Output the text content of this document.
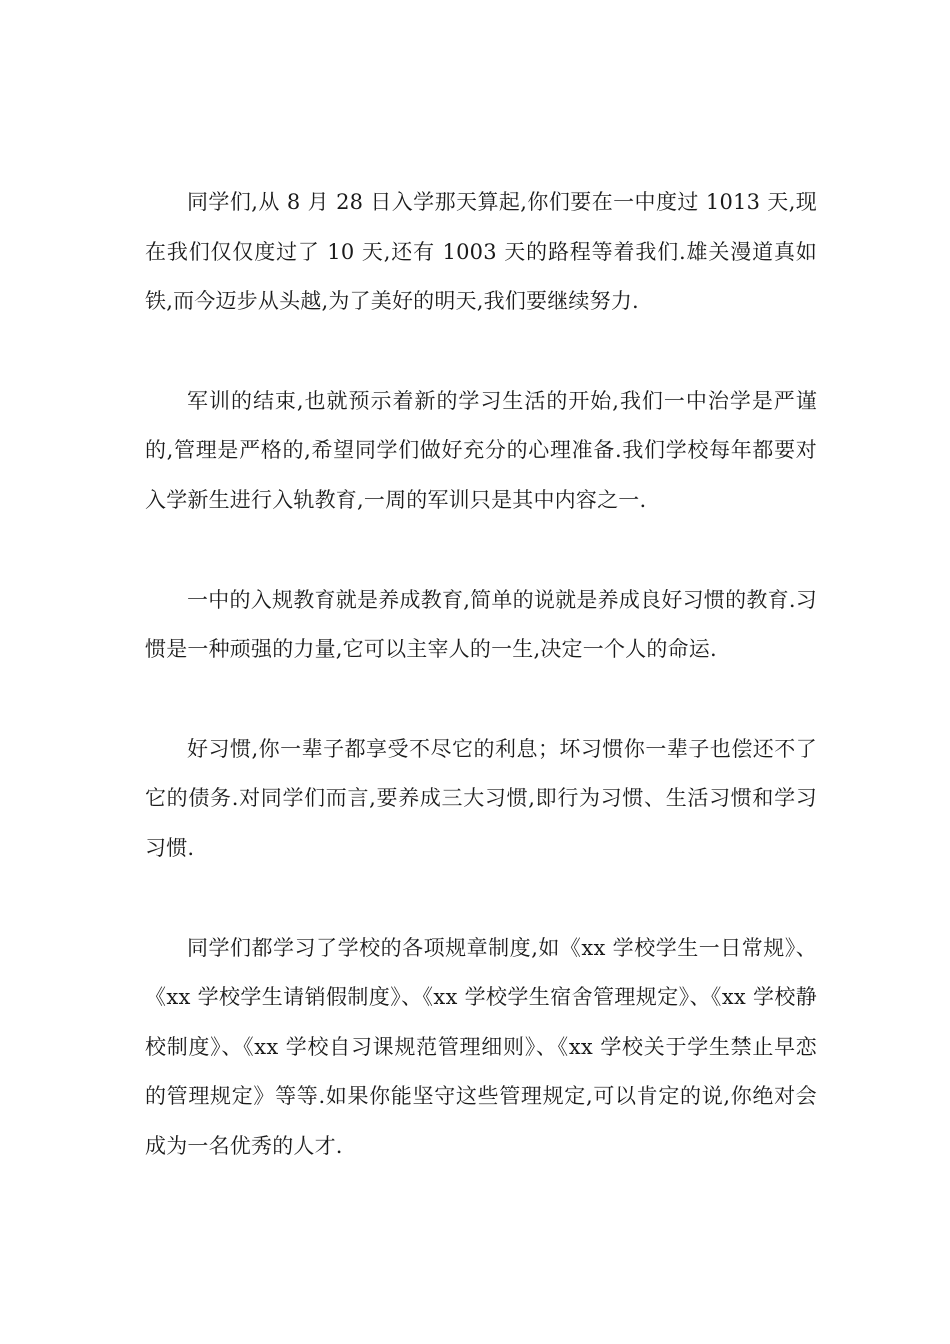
同学们,从 8 月 28 日入学那天算起,你们要在一中度过 1013 天,现在我们仅仅度过了 10 天,还有 1003 天的路程等着我们.雄关漫道真如铁,而今迈步从头越,为了美好的明天,我们要继续努力.

军训的结束,也就预示着新的学习生活的开始,我们一中治学是严谨的,管理是严格的,希望同学们做好充分的心理准备.我们学校每年都要对入学新生进行入轨教育,一周的军训只是其中内容之一.

一中的入规教育就是养成教育,简单的说就是养成良好习惯的教育.习惯是一种顽强的力量,它可以主宰人的一生,决定一个人的命运.

好习惯,你一辈子都享受不尽它的利息；坏习惯你一辈子也偿还不了它的债务.对同学们而言,要养成三大习惯,即行为习惯、生活习惯和学习习惯.

同学们都学习了学校的各项规章制度,如《xx 学校学生一日常规》、《xx 学校学生请销假制度》、《xx 学校学生宿舍管理规定》、《xx 学校静校制度》、《xx 学校自习课规范管理细则》、《xx 学校关于学生禁止早恋的管理规定》等等.如果你能坚守这些管理规定,可以肯定的说,你绝对会成为一名优秀的人才.
